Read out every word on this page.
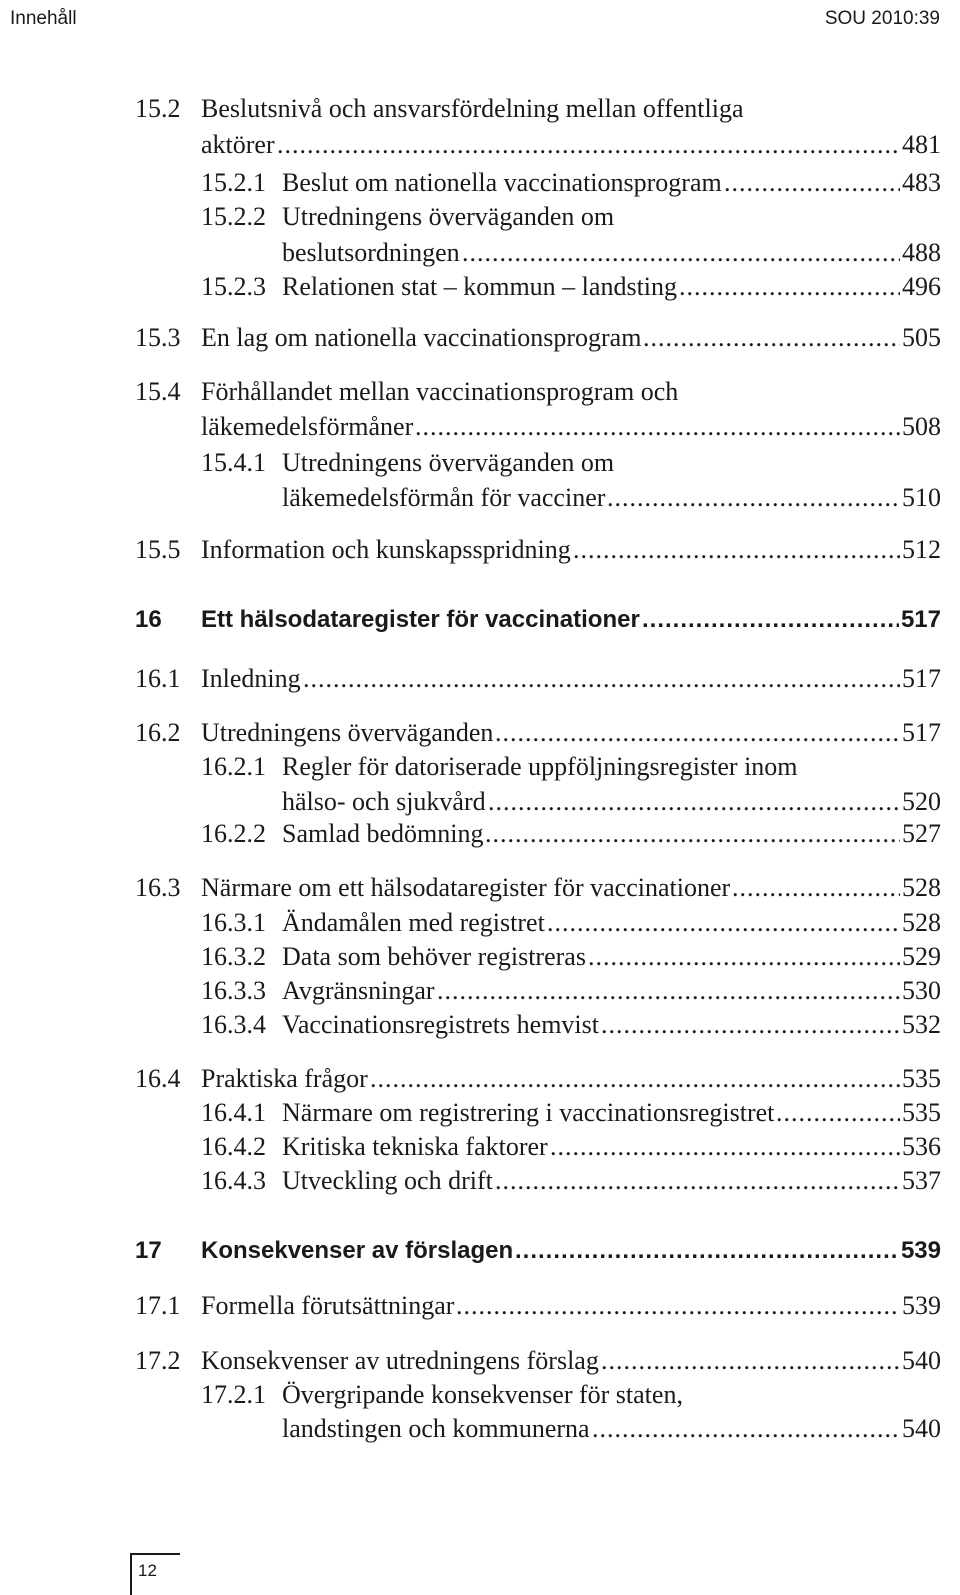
Innehåll	SOU 2010:39
15.2 Beslutsnivå och ansvarsfördelning mellan offentliga
aktörer .....	481
15.2.1 Beslut om nationella vaccinationsprogram .....	483
15.2.2 Utredningens överväganden om
beslutsordningen .....	488
15.2.3 Relationen stat – kommun – landsting .....	496
15.3 En lag om nationella vaccinationsprogram .....	505
15.4 Förhållandet mellan vaccinationsprogram och
läkemedelsförmåner .....	508
15.4.1 Utredningens överväganden om
läkemedelsförmån för vacciner .....	510
15.5 Information och kunskapsspridning .....	512
16 Ett hälsodataregister för vaccinationer .....	517
16.1 Inledning .....	517
16.2 Utredningens överväganden .....	517
16.2.1 Regler för datoriserade uppföljningsregister inom
hälso- och sjukvård .....	520
16.2.2 Samlad bedömning .....	527
16.3 Närmare om ett hälsodataregister för vaccinationer .....	528
16.3.1 Ändamålen med registret .....	528
16.3.2 Data som behöver registreras .....	529
16.3.3 Avgränsningar .....	530
16.3.4 Vaccinationsregistrets hemvist .....	532
16.4 Praktiska frågor .....	535
16.4.1 Närmare om registrering i vaccinationsregistret .....	535
16.4.2 Kritiska tekniska faktorer .....	536
16.4.3 Utveckling och drift .....	537
17 Konsekvenser av förslagen .....	539
17.1 Formella förutsättningar .....	539
17.2 Konsekvenser av utredningens förslag .....	540
17.2.1 Övergripande konsekvenser för staten,
landstingen och kommunerna .....	540
12
